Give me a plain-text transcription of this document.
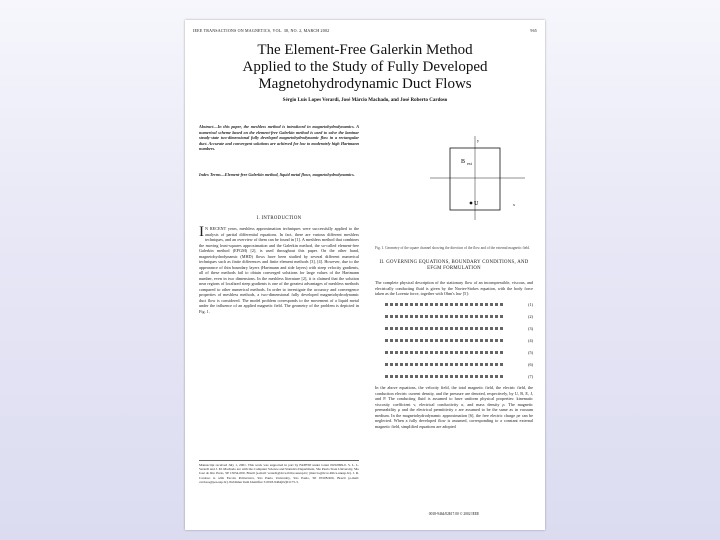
IEEE TRANSACTIONS ON MAGNETICS, VOL. 38, NO. 2, MARCH 2002	965
The Element-Free Galerkin Method
Applied to the Study of Fully Developed
Magnetohydrodynamic Duct Flows
Sérgio Luís Lopes Verardi, José Márcio Machado, and José Roberto Cardoso
Abstract—In this paper, the meshless method is introduced in magnetohydrodynamics. A numerical scheme based on the element-free Galerkin method is used to solve the laminar steady-state two-dimensional fully developed magnetohydrodynamic flow in a rectangular duct. Accurate and convergent solutions are achieved for low to moderately high Hartmann numbers.
Index Terms—Element-free Galerkin method, liquid metal flows, magnetohydrodynamics.
I. INTRODUCTION
I N RECENT years, meshless approximation techniques were successfully applied to the analysis of partial differential equations. In fact, there are various different meshless techniques, and an overview of them can be found in [1]. A meshless method that combines the moving least-squares approximation and the Galerkin method, the so-called element-free Galerkin method (EFGM) [2], is used throughout this paper. On the other hand, magnetohydrodynamic (MHD) flows have been studied by several different numerical techniques such as finite differences and finite element methods [3], [4]. However, due to the appearance of thin boundary layers (Hartmann and side layers) with steep velocity gradients, all of these methods fail to obtain converged solutions for large values of the Hartmann number, even in two dimensions. In the meshless literature [2], it is claimed that the solution near regions of localized steep gradients is one of the greatest advantages of meshless methods compared to other numerical methods. In order to investigate the accuracy and convergence properties of meshless methods, a two-dimensional fully developed magnetohydrodynamic duct flow is considered. The model problem corresponds to the movement of a liquid metal under the influence of an applied magnetic field. The geometry of the problem is depicted in Fig. 1.
Manuscript received July 1, 2001. This work was supported in part by FAPESP under Grant 00/02999-0. S. L. L. Verardi and J. M. Machado are with the Computer Science and Statistics Department, São Paulo State University, São José do Rio Preto, SP 15054-000, Brazil (e-mail: verardi@dcce.ibilce.unesp.br; jmarcio@dcce.ibilce.unesp.br). J. R. Cardoso is with Escola Politécnica, São Paulo University, São Paulo, SP 05508-900, Brazil (e-mail: cardoso@pea.usp.br). Publisher Item Identifier S 0018-9464(02)01175-3.
B ext
U
y
x
Fig. 1. Geometry of the square channel showing the direction of the flow and of the external magnetic field.
II. GOVERNING EQUATIONS, BOUNDARY CONDITIONS, AND EFGM FORMULATION
The complete physical description of the stationary flow of an incompressible, viscous, and electrically conducting fluid is given by the Navier-Stokes equation, with the body force taken as the Lorentz force, together with Ohm's law [5]:
(1)
(2)
(3)
(4)
(5)
(6)
(7)
In the above equations, the velocity field, the total magnetic field, the electric field, the conduction electric current density, and the pressure are denoted, respectively, by U, B, E, J, and P. The conducting fluid is assumed to have uniform physical properties: kinematic viscosity coefficient ν, electrical conductivity σ, and mass density ρ. The magnetic permeability μ and the electrical permittivity ε are assumed to be the same as in vacuum medium. In the magnetohydrodynamic approximation [6], the free electric charge ρe can be neglected. When a fully developed flow is assumed, corresponding to a constant external magnetic field, simplified equations are adopted
0018-9464/02$17.00 © 2002 IEEE
